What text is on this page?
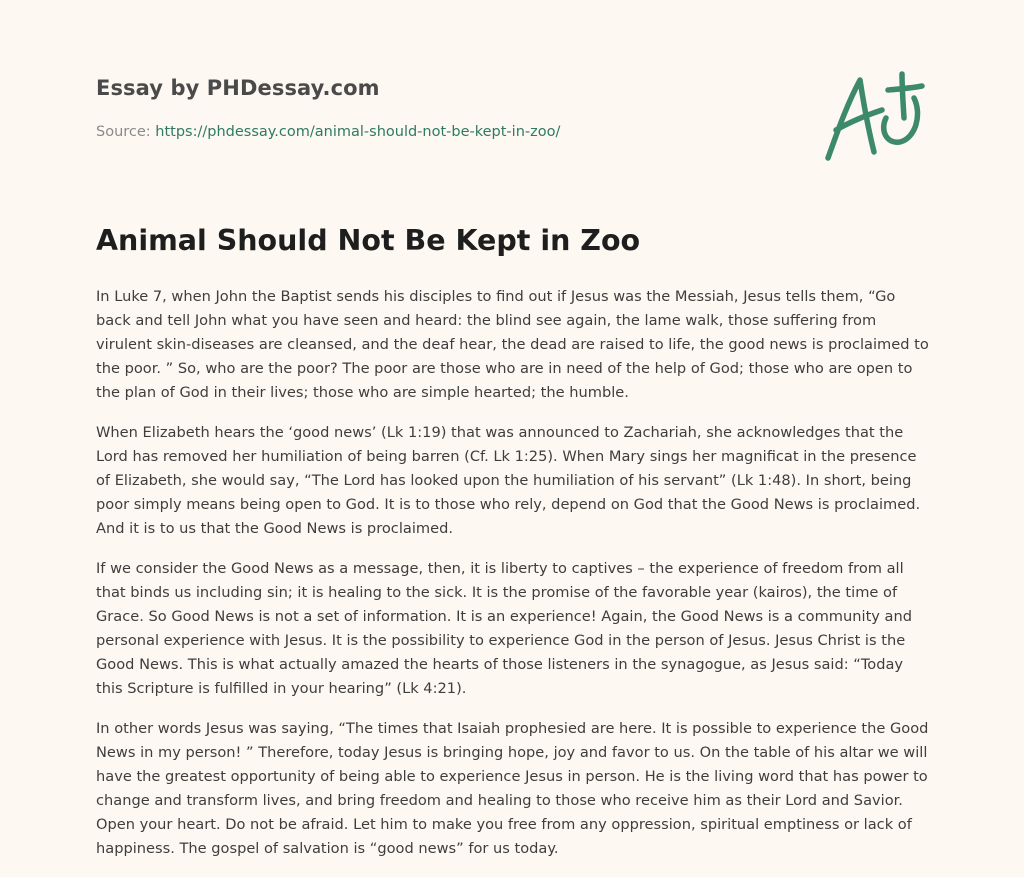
Essay by PHDessay.com
Source: https://phdessay.com/animal-should-not-be-kept-in-zoo/
Animal Should Not Be Kept in Zoo

In Luke 7, when John the Baptist sends his disciples to find out if Jesus was the Messiah, Jesus tells them, “Go back and tell John what you have seen and heard: the blind see again, the lame walk, those suffering from virulent skin-diseases are cleansed, and the deaf hear, the dead are raised to life, the good news is proclaimed to the poor. ” So, who are the poor? The poor are those who are in need of the help of God; those who are open to the plan of God in their lives; those who are simple hearted; the humble.

When Elizabeth hears the ‘good news’ (Lk 1:19) that was announced to Zachariah, she acknowledges that the Lord has removed her humiliation of being barren (Cf. Lk 1:25). When Mary sings her magnificat in the presence of Elizabeth, she would say, “The Lord has looked upon the humiliation of his servant” (Lk 1:48). In short, being poor simply means being open to God. It is to those who rely, depend on God that the Good News is proclaimed. And it is to us that the Good News is proclaimed.

If we consider the Good News as a message, then, it is liberty to captives – the experience of freedom from all that binds us including sin; it is healing to the sick. It is the promise of the favorable year (kairos), the time of Grace. So Good News is not a set of information. It is an experience! Again, the Good News is a community and personal experience with Jesus. It is the possibility to experience God in the person of Jesus. Jesus Christ is the Good News. This is what actually amazed the hearts of those listeners in the synagogue, as Jesus said: “Today this Scripture is fulfilled in your hearing” (Lk 4:21).

In other words Jesus was saying, “The times that Isaiah prophesied are here. It is possible to experience the Good News in my person! ” Therefore, today Jesus is bringing hope, joy and favor to us. On the table of his altar we will have the greatest opportunity of being able to experience Jesus in person. He is the living word that has power to change and transform lives, and bring freedom and healing to those who receive him as their Lord and Savior. Open your heart. Do not be afraid. Let him to make you free from any oppression, spiritual emptiness or lack of happiness. The gospel of salvation is “good news” for us today.
